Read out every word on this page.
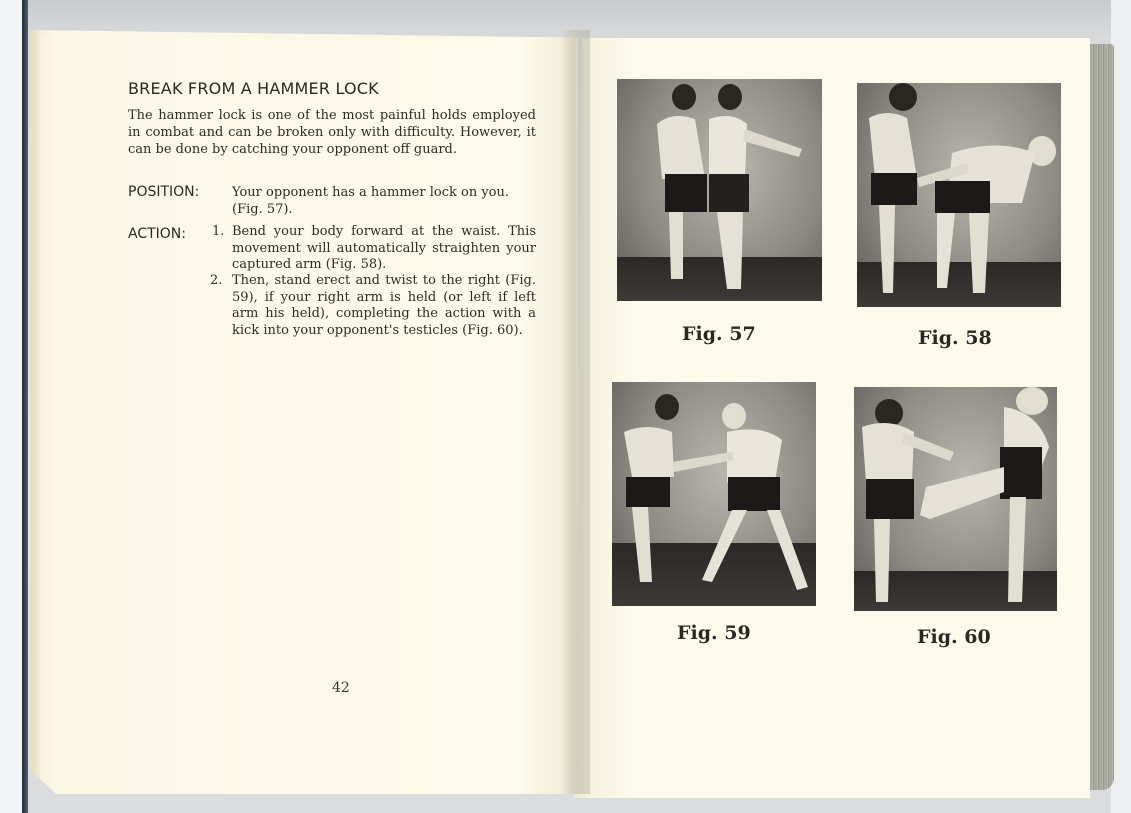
BREAK FROM A HAMMER LOCK
The hammer lock is one of the most painful holds employed in combat and can be broken only with difficulty. However, it can be done by catching your opponent off guard.
POSITION:	Your opponent has a hammer lock on you. (Fig. 57).
ACTION: 1. Bend your body forward at the waist. This movement will automatically straighten your captured arm (Fig. 58).
2. Then, stand erect and twist to the right (Fig. 59), if your right arm is held (or left if left arm his held), completing the action with a kick into your opponent's testicles (Fig. 60).
42
Fig. 57	Fig. 58
Fig. 59	Fig. 60
